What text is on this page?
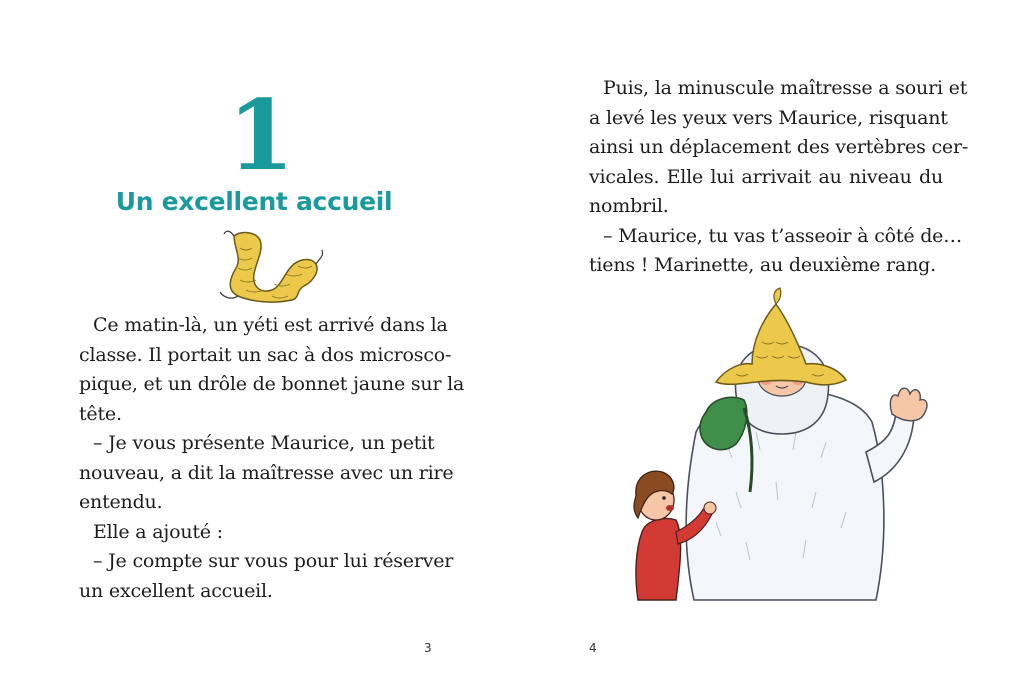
1
Un excellent accueil
Ce matin-là, un yéti est arrivé dans la
classe. Il portait un sac à dos microsco-
pique, et un drôle de bonnet jaune sur la
tête.
– Je vous présente Maurice, un petit
nouveau, a dit la maîtresse avec un rire
entendu.
Elle a ajouté :
– Je compte sur vous pour lui réserver
un excellent accueil.
3
Puis, la minuscule maîtresse a souri et
a levé les yeux vers Maurice, risquant
ainsi un déplacement des vertèbres cer-
vicales. Elle lui arrivait au niveau du
nombril.
– Maurice, tu vas t’asseoir à côté de…
tiens ! Marinette, au deuxième rang.
4
